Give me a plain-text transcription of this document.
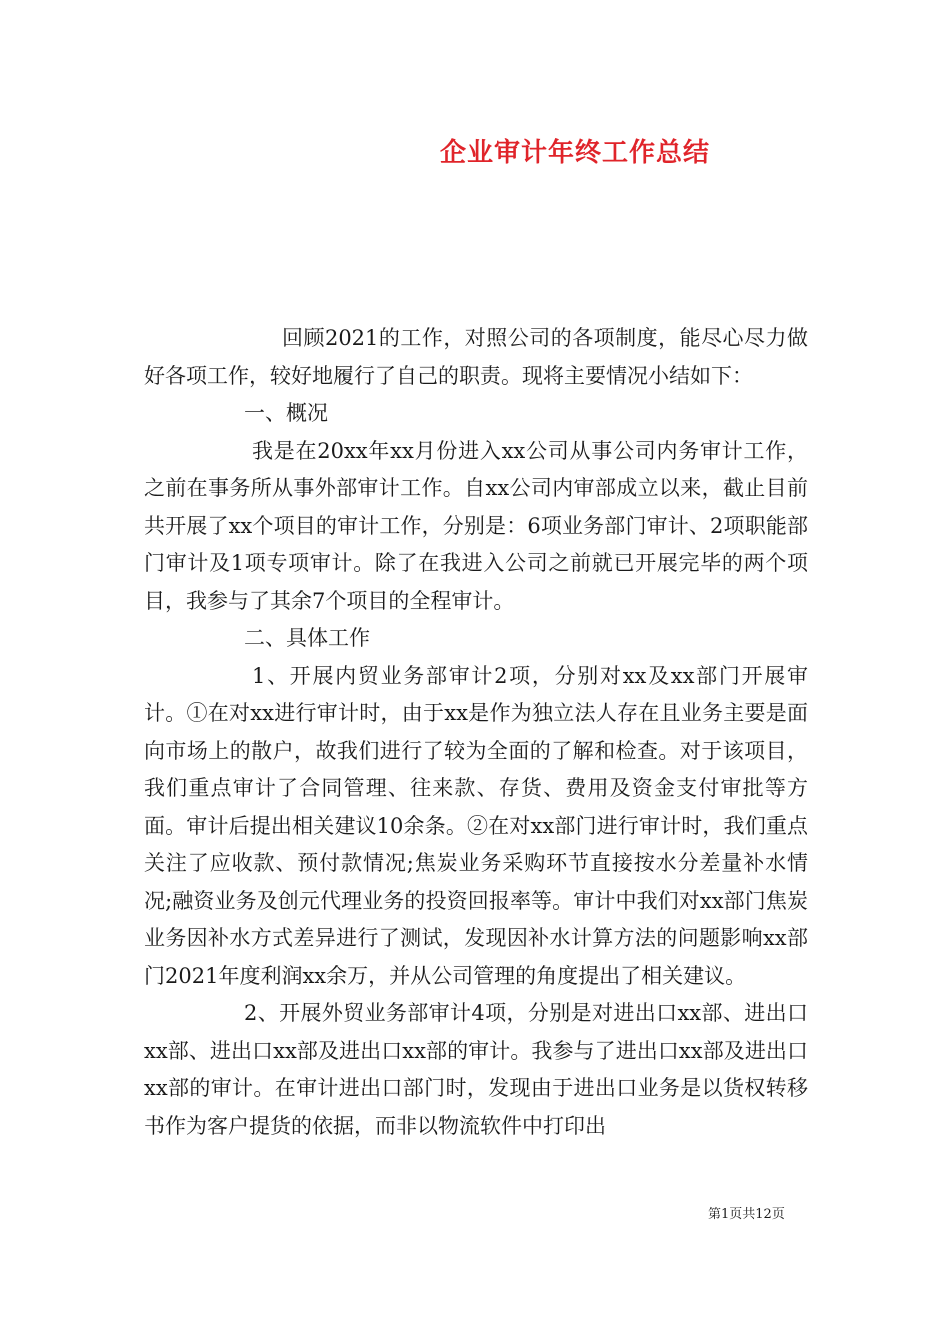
企业审计年终工作总结

回顾2021的工作，对照公司的各项制度，能尽心尽力做好各项工作，较好地履行了自己的职责。现将主要情况小结如下：

一、概况

我是在20xx年xx月份进入xx公司从事公司内务审计工作，之前在事务所从事外部审计工作。自xx公司内审部成立以来，截止目前共开展了xx个项目的审计工作，分别是：6项业务部门审计、2项职能部门审计及1项专项审计。除了在我进入公司之前就已开展完毕的两个项目，我参与了其余7个项目的全程审计。

二、具体工作

1、开展内贸业务部审计2项，分别对xx及xx部门开展审计。①在对xx进行审计时，由于xx是作为独立法人存在且业务主要是面向市场上的散户，故我们进行了较为全面的了解和检查。对于该项目，我们重点审计了合同管理、往来款、存货、费用及资金支付审批等方面。审计后提出相关建议10余条。②在对xx部门进行审计时，我们重点关注了应收款、预付款情况;焦炭业务采购环节直接按水分差量补水情况;融资业务及创元代理业务的投资回报率等。审计中我们对xx部门焦炭业务因补水方式差异进行了测试，发现因补水计算方法的问题影响xx部门2021年度利润xx余万，并从公司管理的角度提出了相关建议。

2、开展外贸业务部审计4项，分别是对进出口xx部、进出口xx部、进出口xx部及进出口xx部的审计。我参与了进出口xx部及进出口xx部的审计。在审计进出口部门时，发现由于进出口业务是以货权转移书作为客户提货的依据，而非以物流软件中打印出

第1页共12页
